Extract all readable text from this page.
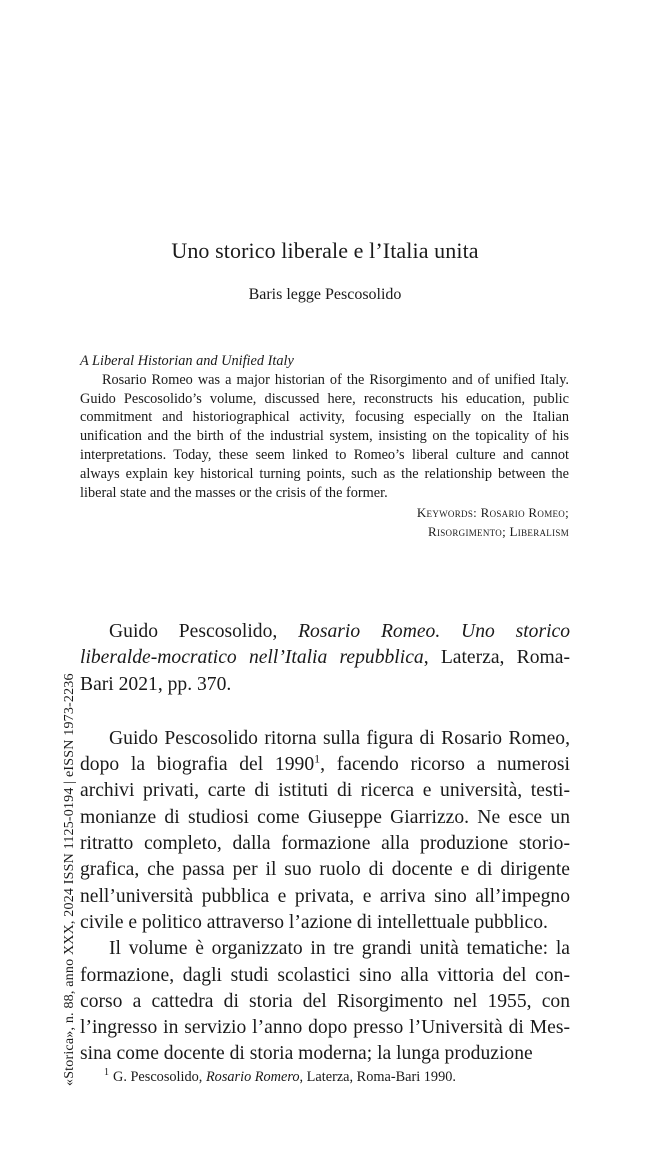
Uno storico liberale e l’Italia unita
Baris legge Pescosolido
A Liberal Historian and Unified Italy

Rosario Romeo was a major historian of the Risorgimento and of unified Italy. Guido Pescosolido’s volume, discussed here, reconstructs his education, public commitment and historiographical activity, focusing especially on the Italian unification and the birth of the industrial system, insisting on the topicality of his interpretations. Today, these seem linked to Romeo’s liberal culture and cannot always explain key historical turning points, such as the relationship between the liberal state and the masses or the crisis of the former.

Keywords: Rosario Romeo;
Risorgimento; Liberalism
«Storica», n. 88, anno XXX, 2024 ISSN 1125-0194 | eISSN 1973-2236

Guido Pescosolido, Rosario Romeo. Uno storico liberalde-mocratico nell’Italia repubblica, Laterza, Roma-Bari 2021, pp. 370.

Guido Pescosolido ritorna sulla figura di Rosario Romeo, dopo la biografia del 1990$^1$, facendo ricorso a numerosi archivi privati, carte di istituti di ricerca e università, testi-monianze di studiosi come Giuseppe Giarrizzo. Ne esce un ritratto completo, dalla formazione alla produzione storio-grafica, che passa per il suo ruolo di docente e di dirigente nell’università pubblica e privata, e arriva sino all’impegno civile e politico attraverso l’azione di intellettuale pubblico.

Il volume è organizzato in tre grandi unità tematiche: la formazione, dagli studi scolastici sino alla vittoria del con-corso a cattedra di storia del Risorgimento nel 1955, con l’ingresso in servizio l’anno dopo presso l’Università di Mes-sina come docente di storia moderna; la lunga produzione

$^1$ G. Pescosolido, Rosario Romero, Laterza, Roma-Bari 1990.
